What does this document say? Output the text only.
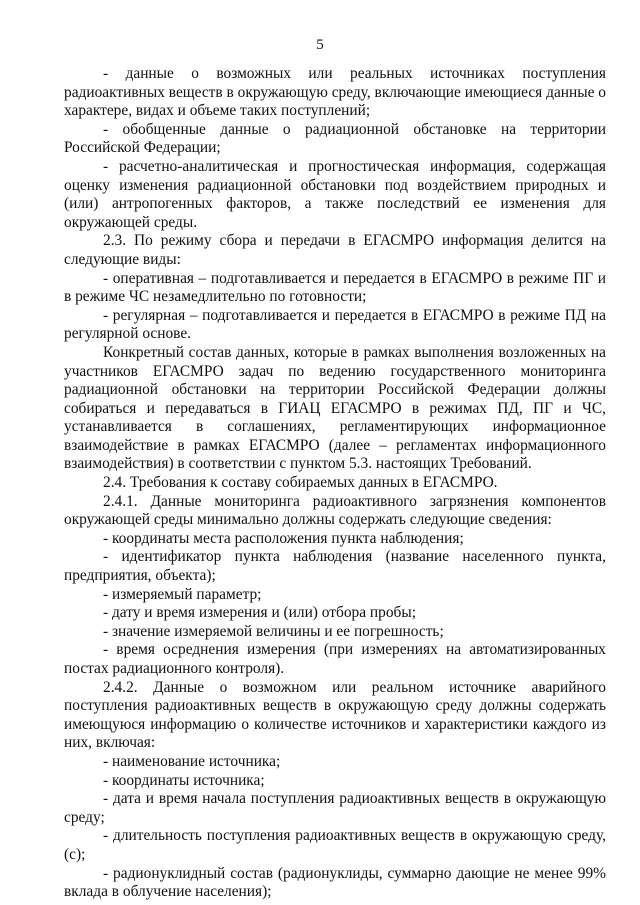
5

- данные о возможных или реальных источниках поступления радиоактивных веществ в окружающую среду, включающие имеющиеся данные о характере, видах и объеме таких поступлений;

- обобщенные данные о радиационной обстановке на территории Российской Федерации;

- расчетно-аналитическая и прогностическая информация, содержащая оценку изменения радиационной обстановки под воздействием природных и (или) антропогенных факторов, а также последствий ее изменения для окружающей среды.

2.3. По режиму сбора и передачи в ЕГАСМРО информация делится на следующие виды:

- оперативная – подготавливается и передается в ЕГАСМРО в режиме ПГ и в режиме ЧС незамедлительно по готовности;

- регулярная – подготавливается и передается в ЕГАСМРО в режиме ПД на регулярной основе.

Конкретный состав данных, которые в рамках выполнения возложенных на участников ЕГАСМРО задач по ведению государственного мониторинга радиационной обстановки на территории Российской Федерации должны собираться и передаваться в ГИАЦ ЕГАСМРО в режимах ПД, ПГ и ЧС, устанавливается в соглашениях, регламентирующих информационное взаимодействие в рамках ЕГАСМРО (далее – регламентах информационного взаимодействия) в соответствии с пунктом 5.3. настоящих Требований.

2.4. Требования к составу собираемых данных в ЕГАСМРО.

2.4.1. Данные мониторинга радиоактивного загрязнения компонентов окружающей среды минимально должны содержать следующие сведения:

- координаты места расположения пункта наблюдения;

- идентификатор пункта наблюдения (название населенного пункта, предприятия, объекта);

- измеряемый параметр;

- дату и время измерения и (или) отбора пробы;

- значение измеряемой величины и ее погрешность;

- время осреднения измерения (при измерениях на автоматизированных постах радиационного контроля).

2.4.2. Данные о возможном или реальном источнике аварийного поступления радиоактивных веществ в окружающую среду должны содержать имеющуюся информацию о количестве источников и характеристики каждого из них, включая:

- наименование источника;

- координаты источника;

- дата и время начала поступления радиоактивных веществ в окружающую среду;

- длительность поступления радиоактивных веществ в окружающую среду, (с);

- радионуклидный состав (радионуклиды, суммарно дающие не менее 99% вклада в облучение населения);
